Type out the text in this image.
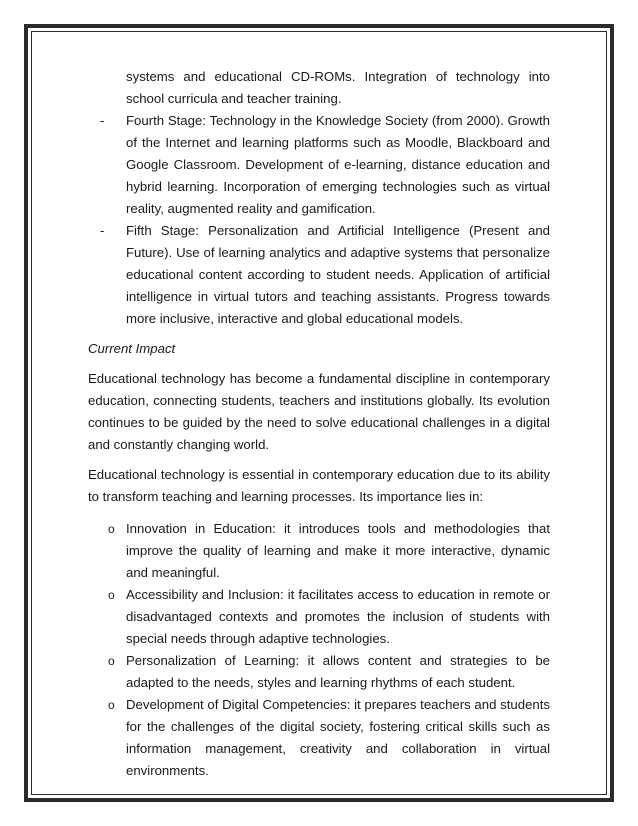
systems and educational CD-ROMs. Integration of technology into school curricula and teacher training.
- Fourth Stage: Technology in the Knowledge Society (from 2000). Growth of the Internet and learning platforms such as Moodle, Blackboard and Google Classroom. Development of e-learning, distance education and hybrid learning. Incorporation of emerging technologies such as virtual reality, augmented reality and gamification.
- Fifth Stage: Personalization and Artificial Intelligence (Present and Future). Use of learning analytics and adaptive systems that personalize educational content according to student needs. Application of artificial intelligence in virtual tutors and teaching assistants. Progress towards more inclusive, interactive and global educational models.
Current Impact

Educational technology has become a fundamental discipline in contemporary education, connecting students, teachers and institutions globally. Its evolution continues to be guided by the need to solve educational challenges in a digital and constantly changing world.

Educational technology is essential in contemporary education due to its ability to transform teaching and learning processes. Its importance lies in:

o Innovation in Education: it introduces tools and methodologies that improve the quality of learning and make it more interactive, dynamic and meaningful.
o Accessibility and Inclusion: it facilitates access to education in remote or disadvantaged contexts and promotes the inclusion of students with special needs through adaptive technologies.
o Personalization of Learning: it allows content and strategies to be adapted to the needs, styles and learning rhythms of each student.
o Development of Digital Competencies: it prepares teachers and students for the challenges of the digital society, fostering critical skills such as information management, creativity and collaboration in virtual environments.
